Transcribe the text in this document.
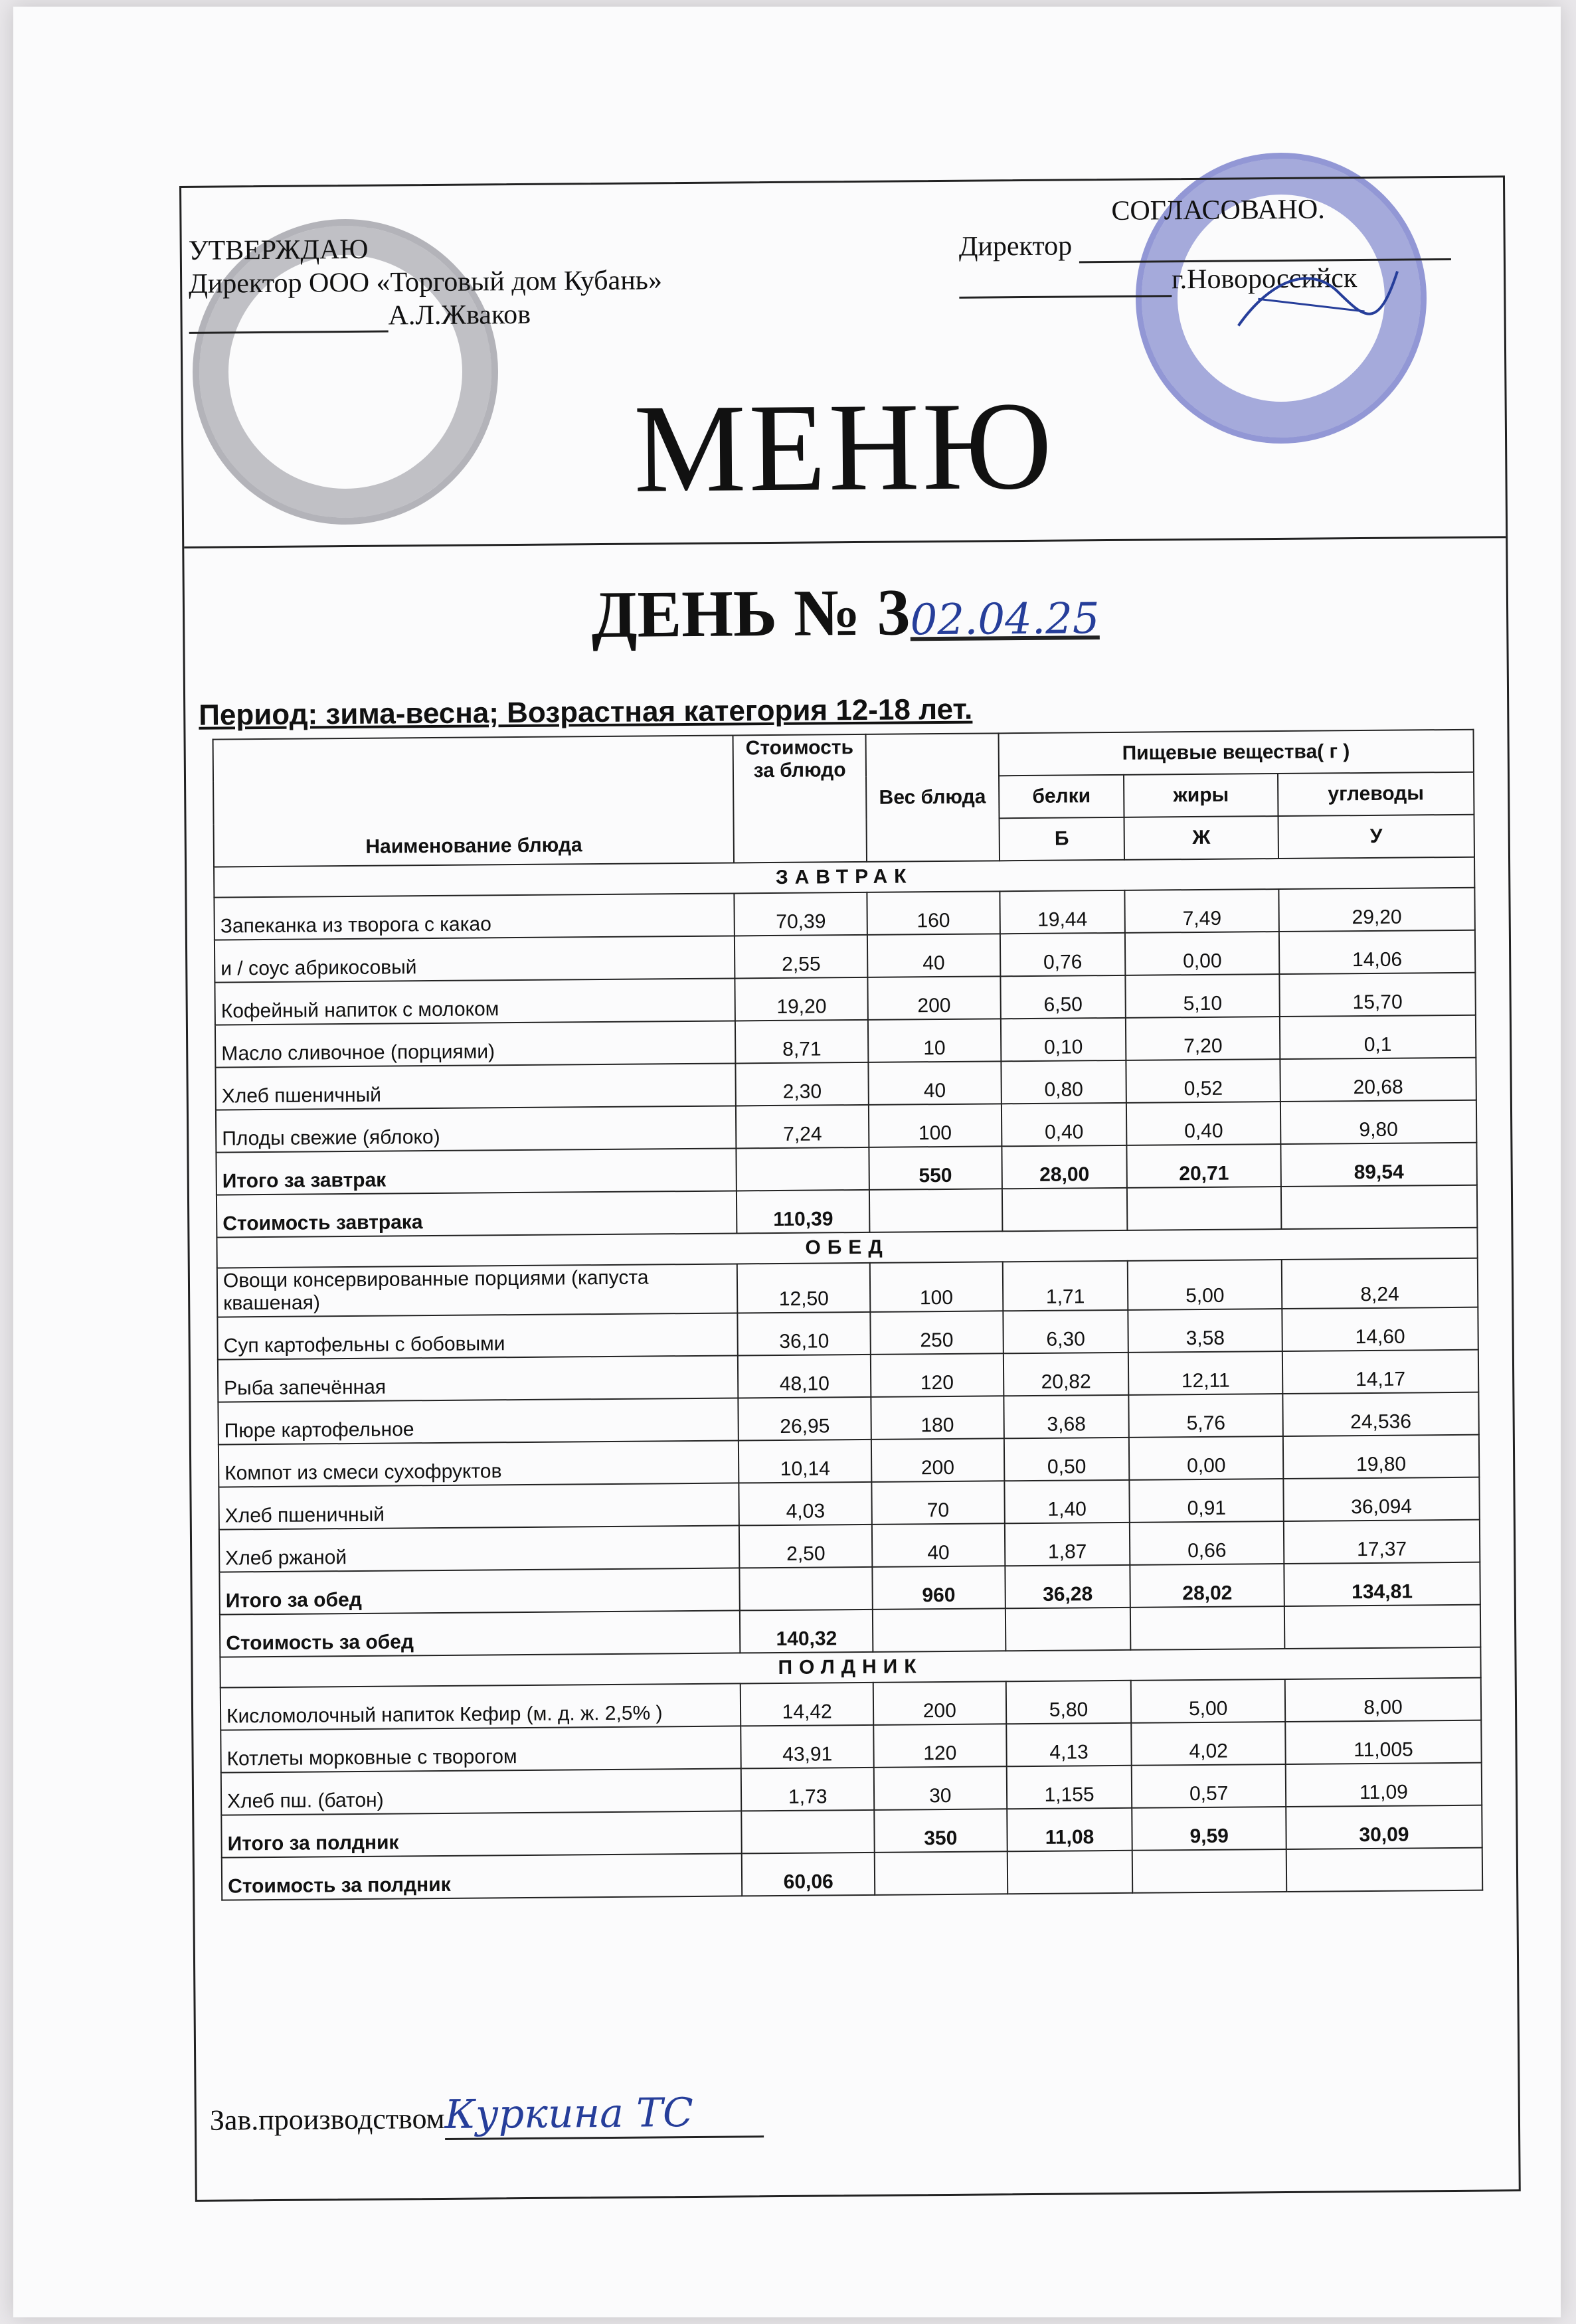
УТВЕРЖДАЮ
Директор ООО «Торговый дом Кубань»
А.Л.Жваков
СОГЛАСОВАНО.
Директор
г.Новороссийск
МЕНЮ
ДЕНЬ № 302.04.25
Период: зима-весна; Возрастная категория 12-18 лет.
Наименование блюда	Стоимость за блюдо	Вес блюда	Пищевые вещества( г )		
			белки	жиры	углеводы
			Б	Ж	У
ЗАВТРАК					
Запеканка из творога с какао	70,39	160	19,44	7,49	29,20
и / соус абрикосовый	2,55	40	0,76	0,00	14,06
Кофейный напиток с молоком	19,20	200	6,50	5,10	15,70
Масло сливочное (порциями)	8,71	10	0,10	7,20	0,1
Хлеб пшеничный	2,30	40	0,80	0,52	20,68
Плоды свежие (яблоко)	7,24	100	0,40	0,40	9,80
Итого за завтрак		550	28,00	20,71	89,54
Стоимость завтрака	110,39				
ОБЕД					
Овощи консервированные порциями (капуста квашеная)	12,50	100	1,71	5,00	8,24
Суп картофельны с бобовыми	36,10	250	6,30	3,58	14,60
Рыба запечённая	48,10	120	20,82	12,11	14,17
Пюре картофельное	26,95	180	3,68	5,76	24,536
Компот из смеси сухофруктов	10,14	200	0,50	0,00	19,80
Хлеб пшеничный	4,03	70	1,40	0,91	36,094
Хлеб ржаной	2,50	40	1,87	0,66	17,37
Итого за обед		960	36,28	28,02	134,81
Стоимость за обед	140,32				
ПОЛДНИК					
Кисломолочный напиток Кефир (м. д. ж. 2,5% )	14,42	200	5,80	5,00	8,00
Котлеты морковные с творогом	43,91	120	4,13	4,02	11,005
Хлеб пш. (батон)	1,73	30	1,155	0,57	11,09
Итого за полдник		350	11,08	9,59	30,09
Стоимость за полдник	60,06				
Зав.производствомКуркина ТС
